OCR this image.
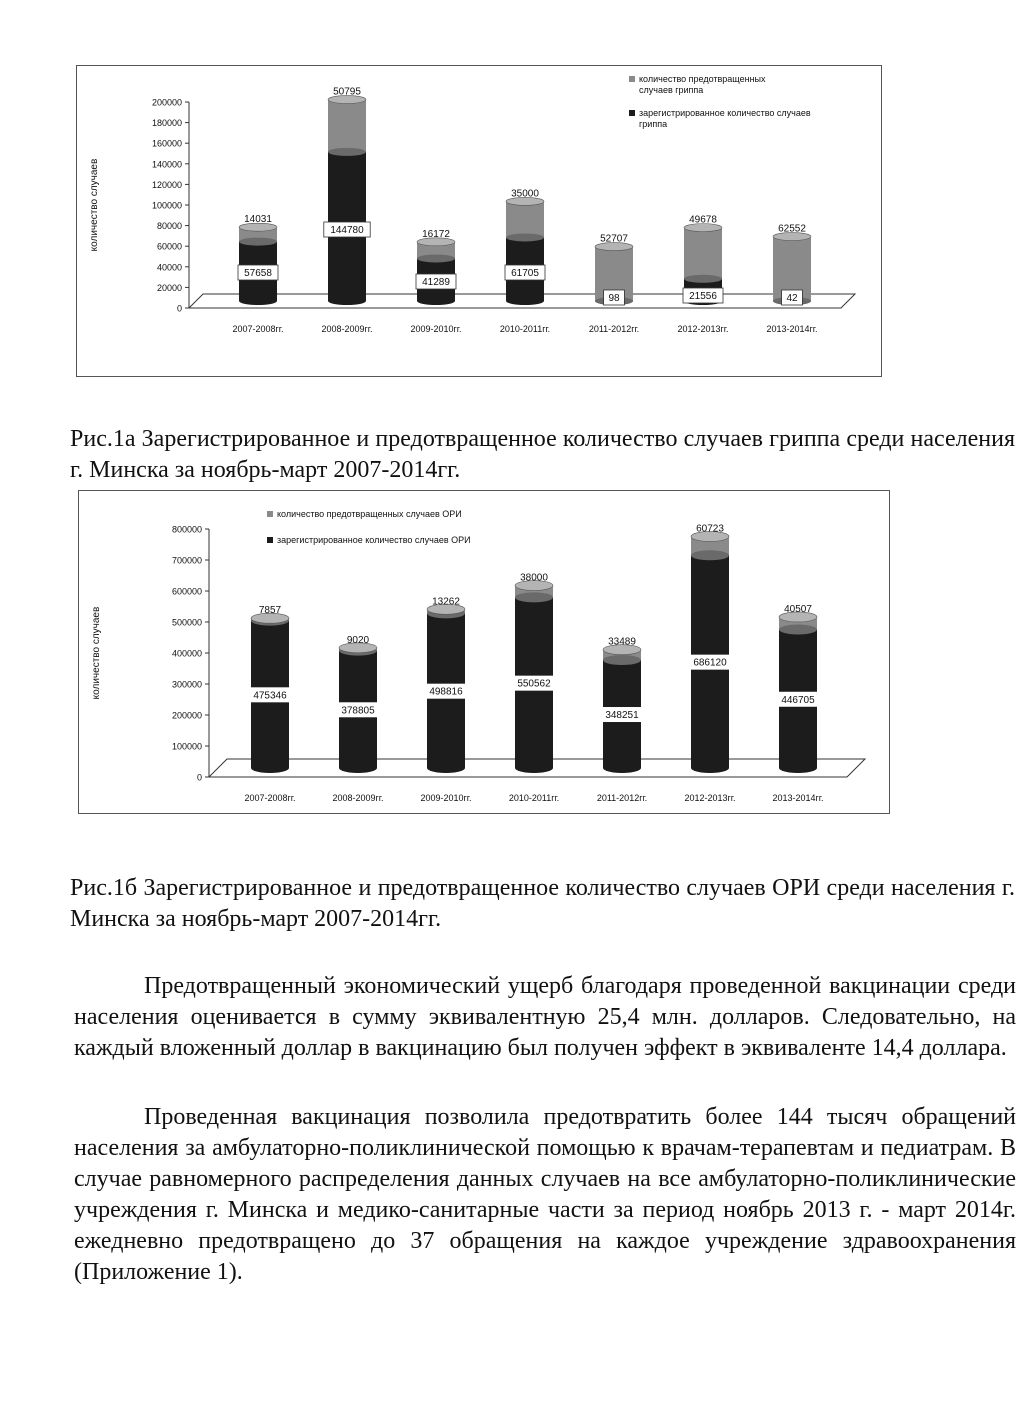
количество случаев
0
20000
40000
60000
80000
100000
120000
140000
160000
180000
200000
14031
57658
2007-2008гг.
50795
144780
2008-2009гг.
16172
41289
2009-2010гг.
35000
61705
2010-2011гг.
52707
98
2011-2012гг.
49678
21556
2012-2013гг.
62552
42
2013-2014гг.
количество предотвращенных
случаев гриппа
зарегистрированное количество случаев
гриппа
Рис.1а Зарегистрированное и предотвращенное количество случаев гриппа среди населения г. Минска за ноябрь-март 2007-2014гг.
количество случаев
0
100000
200000
300000
400000
500000
600000
700000
800000
7857
475346
2007-2008гг.
9020
378805
2008-2009гг.
13262
498816
2009-2010гг.
38000
550562
2010-2011гг.
33489
348251
2011-2012гг.
60723
686120
2012-2013гг.
40507
446705
2013-2014гг.
количество предотвращенных случаев ОРИ
зарегистрированное количество случаев ОРИ
Рис.1б Зарегистрированное и предотвращенное количество случаев ОРИ среди населения г. Минска за ноябрь-март 2007-2014гг.
Предотвращенный экономический ущерб благодаря проведенной вакцинации среди населения оценивается в сумму эквивалентную 25,4 млн. долларов. Следовательно, на каждый вложенный доллар в вакцинацию был получен эффект в эквиваленте 14,4 доллара.
Проведенная вакцинация позволила предотвратить более 144 тысяч обращений населения за амбулаторно-поликлинической помощью к врачам-терапевтам и педиатрам. В случае равномерного распределения данных случаев на все амбулаторно-поликлинические учреждения г. Минска и медико-санитарные части за период ноябрь 2013 г. - март 2014г. ежедневно предотвращено до 37 обращения на каждое учреждение здравоохранения (Приложение 1).
